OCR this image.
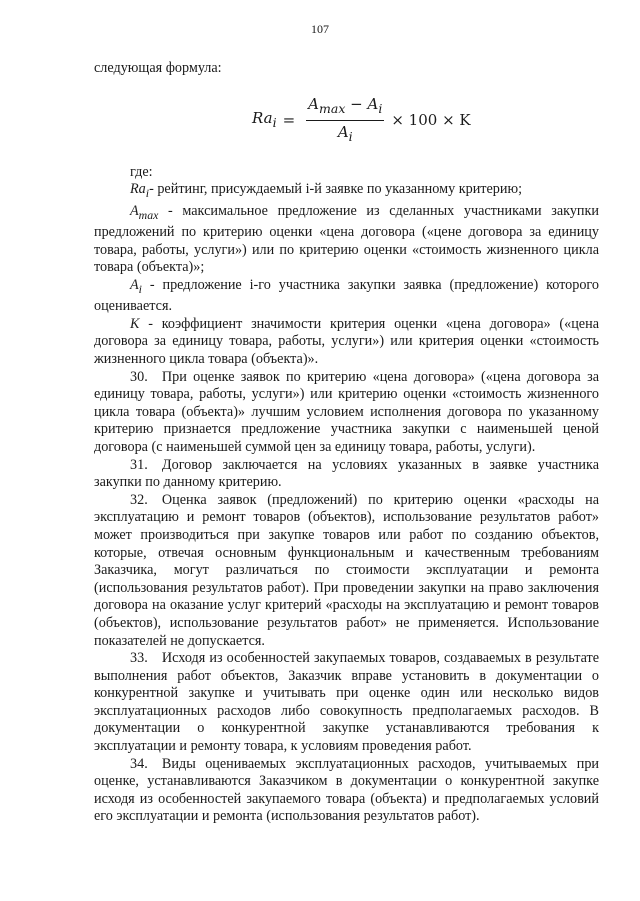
107

следующая формула:

$Ra_i = \frac{A_{max} - A_i}{A_i} \times 100 \times K$

где:

$Ra_i-$ рейтинг, присуждаемый i-й заявке по указанному критерию;

$A_{max}$ - максимальное предложение из сделанных участниками закупки предложений по критерию оценки «цена договора («цене договора за единицу товара, работы, услуги») или по критерию оценки «стоимость жизненного цикла товара (объекта)»;

$A_i$ - предложение i-го участника закупки заявка (предложение) которого оценивается.

К - коэффициент значимости критерия оценки «цена договора» («цена договора за единицу товара, работы, услуги») или критерия оценки «стоимость жизненного цикла товара (объекта)».

30. При оценке заявок по критерию «цена договора» («цена договора за единицу товара, работы, услуги») или критерию оценки «стоимость жизненного цикла товара (объекта)» лучшим условием исполнения договора по указанному критерию признается предложение участника закупки с наименьшей ценой договора (с наименьшей суммой цен за единицу товара, работы, услуги).

31. Договор заключается на условиях указанных в заявке участника закупки по данному критерию.

32. Оценка заявок (предложений) по критерию оценки «расходы на эксплуатацию и ремонт товаров (объектов), использование результатов работ» может производиться при закупке товаров или работ по созданию объектов, которые, отвечая основным функциональным и качественным требованиям Заказчика, могут различаться по стоимости эксплуатации и ремонта (использования результатов работ). При проведении закупки на право заключения договора на оказание услуг критерий «расходы на эксплуатацию и ремонт товаров (объектов), использование результатов работ» не применяется. Использование показателей не допускается.

33. Исходя из особенностей закупаемых товаров, создаваемых в результате выполнения работ объектов, Заказчик вправе установить в документации о конкурентной закупке и учитывать при оценке один или несколько видов эксплуатационных расходов либо совокупность предполагаемых расходов. В документации о конкурентной закупке устанавливаются требования к эксплуатации и ремонту товара, к условиям проведения работ.

34. Виды оцениваемых эксплуатационных расходов, учитываемых при оценке, устанавливаются Заказчиком в документации о конкурентной закупке исходя из особенностей закупаемого товара (объекта) и предполагаемых условий его эксплуатации и ремонта (использования результатов работ).
